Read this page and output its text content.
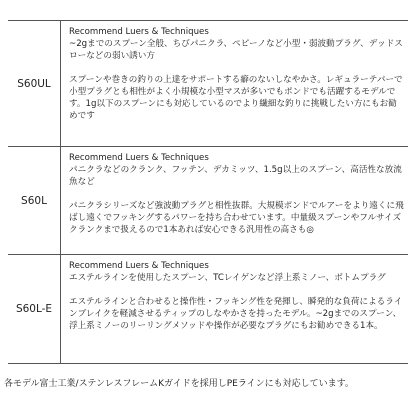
S60UL

Recommend Luers & Techniques

~2gまでのスプーン全般、ちびパニクラ、ペピーノなど小型・弱波動プラグ、デッドスローなどの弱い誘い方

スプーンや巻きの釣りの上達をサポートする癖のないしなやかさ。レギュラーテパーで小型プラグとも相性がよく小規模な小型マスが多いでもポンドでも活躍するモデルです。1g以下のスプーンにも対応しているのでより繊細な釣りに挑戦したい方にもお勧めです

S60L

Recommend Luers & Techniques

パニクラなどのクランク、フッテン、デカミッツ、1.5g以上のスプーン、高活性な放流魚など

パニクラシリーズなど強波動プラグと相性抜群。大規模ポンドでルアーをより遠くに飛ばし遠くでフッキングするパワーを持ち合わせています。中量級スプーンやフルサイズクランクまで扱えるので1本あれば安心できる汎用性の高さも◎

S60L-E

Recommend Luers & Techniques

エステルラインを使用したスプーン、TCレイゲンなど浮上系ミノー、ボトムプラグ

エステルラインと合わせると操作性・フッキング性を発揮し、瞬発的な負荷によるラインブレイクを軽減させるティップのしなやかさを持ったモデル。~2gまでのスプーン、浮上系ミノーのリーリングメソッドや操作が必要なプラグにもお勧めできる1本。

各モデル富士工業/ステンレスフレームKガイドを採用しPEラインにも対応しています。
